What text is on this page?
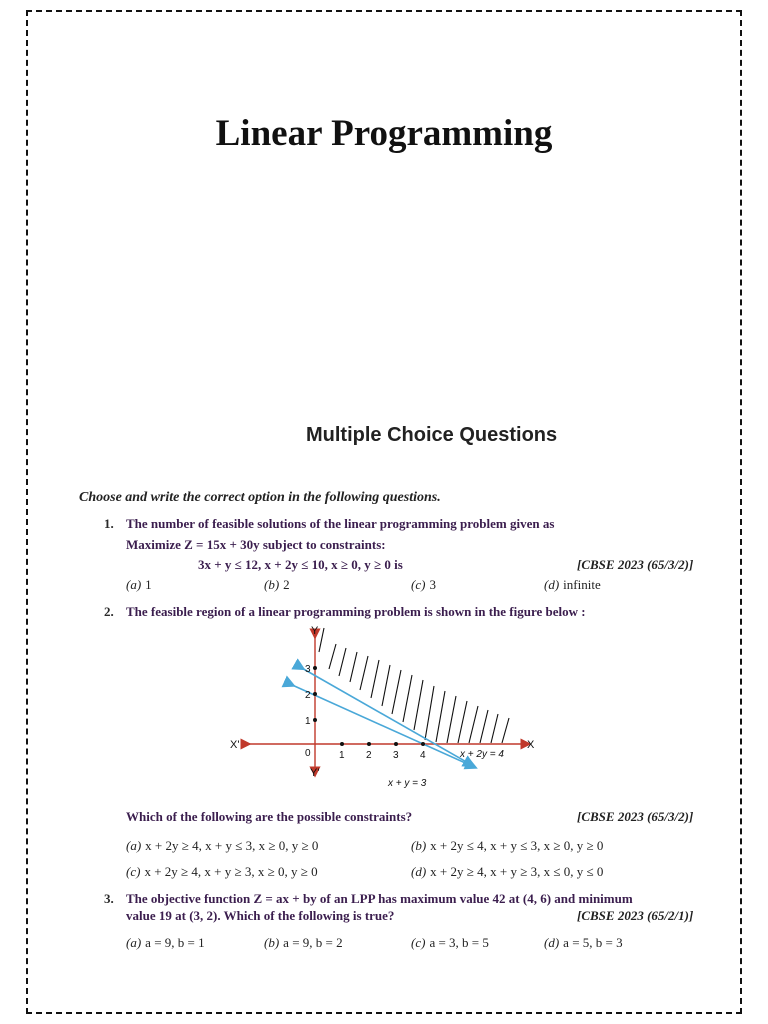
Linear Programming
Multiple Choice Questions
Choose and write the correct option in the following questions.
1. The number of feasible solutions of the linear programming problem given as
Maximize Z = 15x + 30y subject to constraints:
3x + y ≤ 12, x + 2y ≤ 10, x ≥ 0, y ≥ 0 is	[CBSE 2023 (65/3/2)]
(a) 1	(b) 2	(c) 3	(d) infinite
2. The feasible region of a linear programming problem is shown in the figure below :
X'	X
Y
Y'
0	1 2 3 4
1
2
3
x + 2y = 4
x + y = 3
Which of the following are the possible constraints?	[CBSE 2023 (65/3/2)]
(a) x + 2y ≥ 4, x + y ≤ 3, x ≥ 0, y ≥ 0	(b) x + 2y ≤ 4, x + y ≤ 3, x ≥ 0, y ≥ 0
(c) x + 2y ≥ 4, x + y ≥ 3, x ≥ 0, y ≥ 0	(d) x + 2y ≥ 4, x + y ≥ 3, x ≤ 0, y ≤ 0
3. The objective function Z = ax + by of an LPP has maximum value 42 at (4, 6) and minimum
value 19 at (3, 2). Which of the following is true?	[CBSE 2023 (65/2/1)]
(a) a = 9, b = 1	(b) a = 9, b = 2	(c) a = 3, b = 5	(d) a = 5, b = 3
